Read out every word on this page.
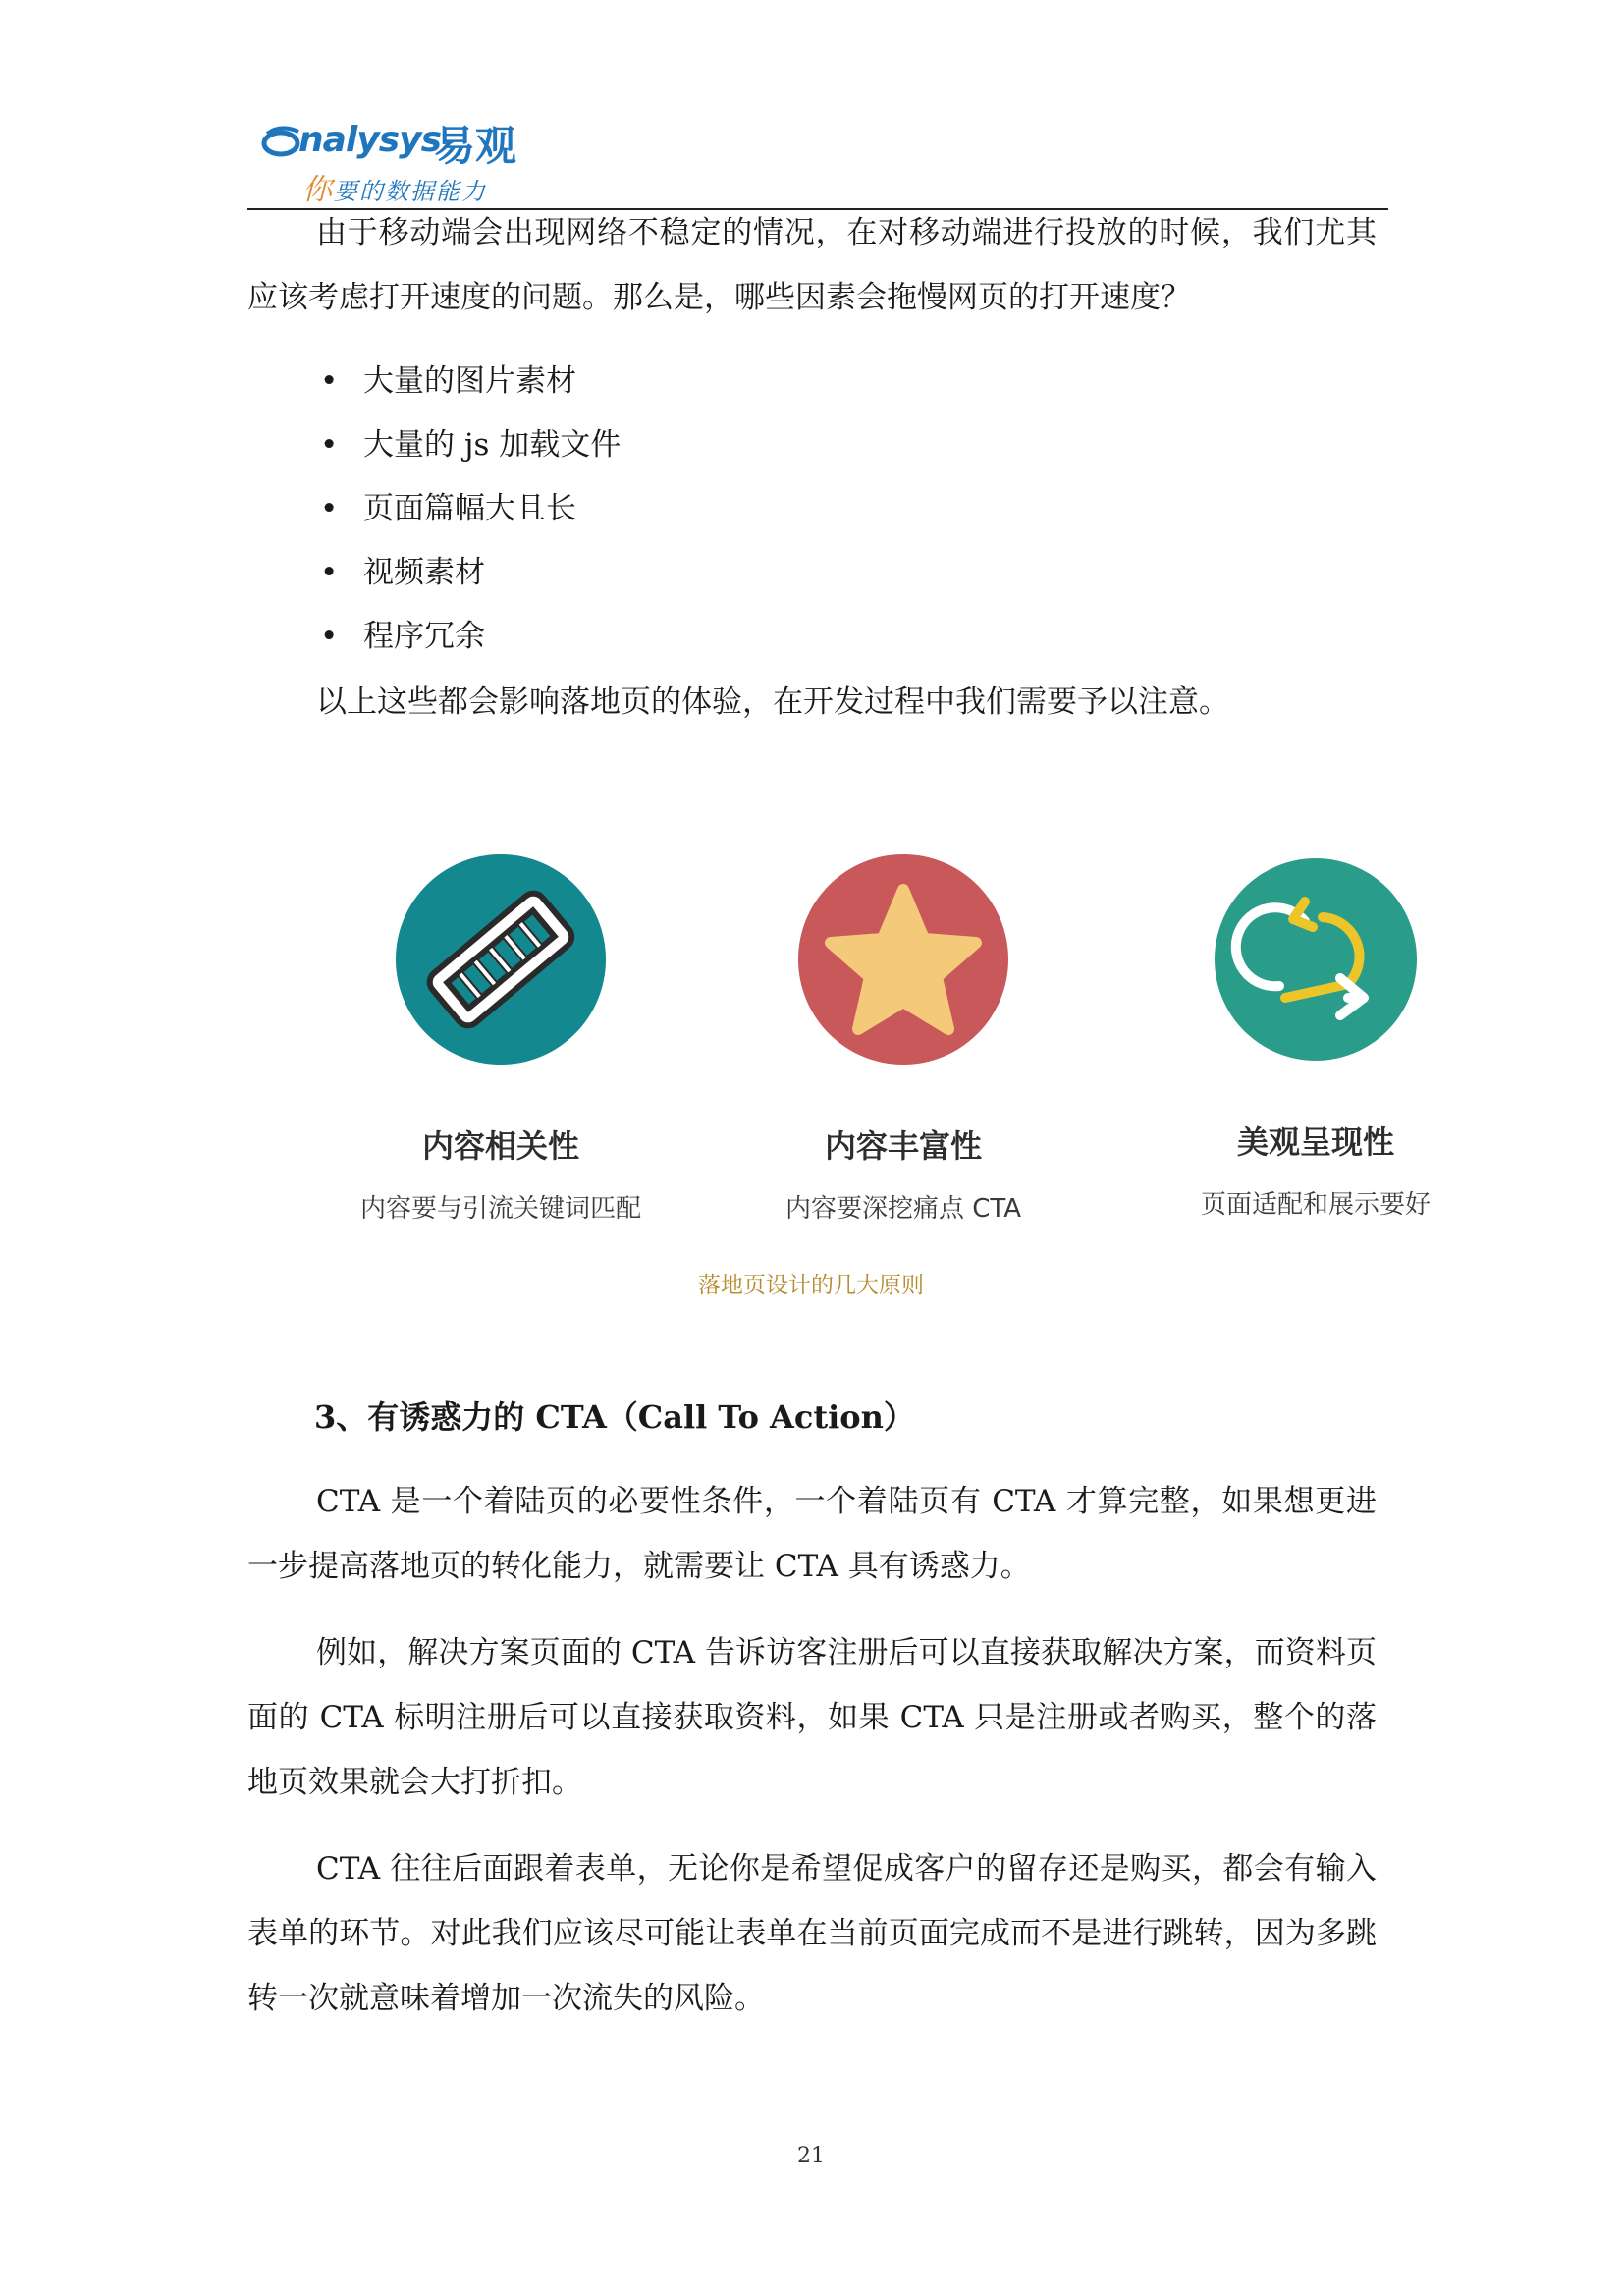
nalysys
易观
你要的数据能力

由于移动端会出现网络不稳定的情况，在对移动端进行投放的时候，我们尤其应该考虑打开速度的问题。那么是，哪些因素会拖慢网页的打开速度？

• 大量的图片素材
• 大量的 js 加载文件
• 页面篇幅大且长
• 视频素材
• 程序冗余

以上这些都会影响落地页的体验，在开发过程中我们需要予以注意。

内容相关性
内容要与引流关键词匹配
内容丰富性
内容要深挖痛点 CTA
美观呈现性
页面适配和展示要好
落地页设计的几大原则
3、有诱惑力的 CTA（Call To Action）

CTA 是一个着陆页的必要性条件，一个着陆页有 CTA 才算完整，如果想更进一步提高落地页的转化能力，就需要让 CTA 具有诱惑力。

例如，解决方案页面的 CTA 告诉访客注册后可以直接获取解决方案，而资料页面的 CTA 标明注册后可以直接获取资料，如果 CTA 只是注册或者购买，整个的落地页效果就会大打折扣。

CTA 往往后面跟着表单，无论你是希望促成客户的留存还是购买，都会有输入表单的环节。对此我们应该尽可能让表单在当前页面完成而不是进行跳转，因为多跳转一次就意味着增加一次流失的风险。

21
